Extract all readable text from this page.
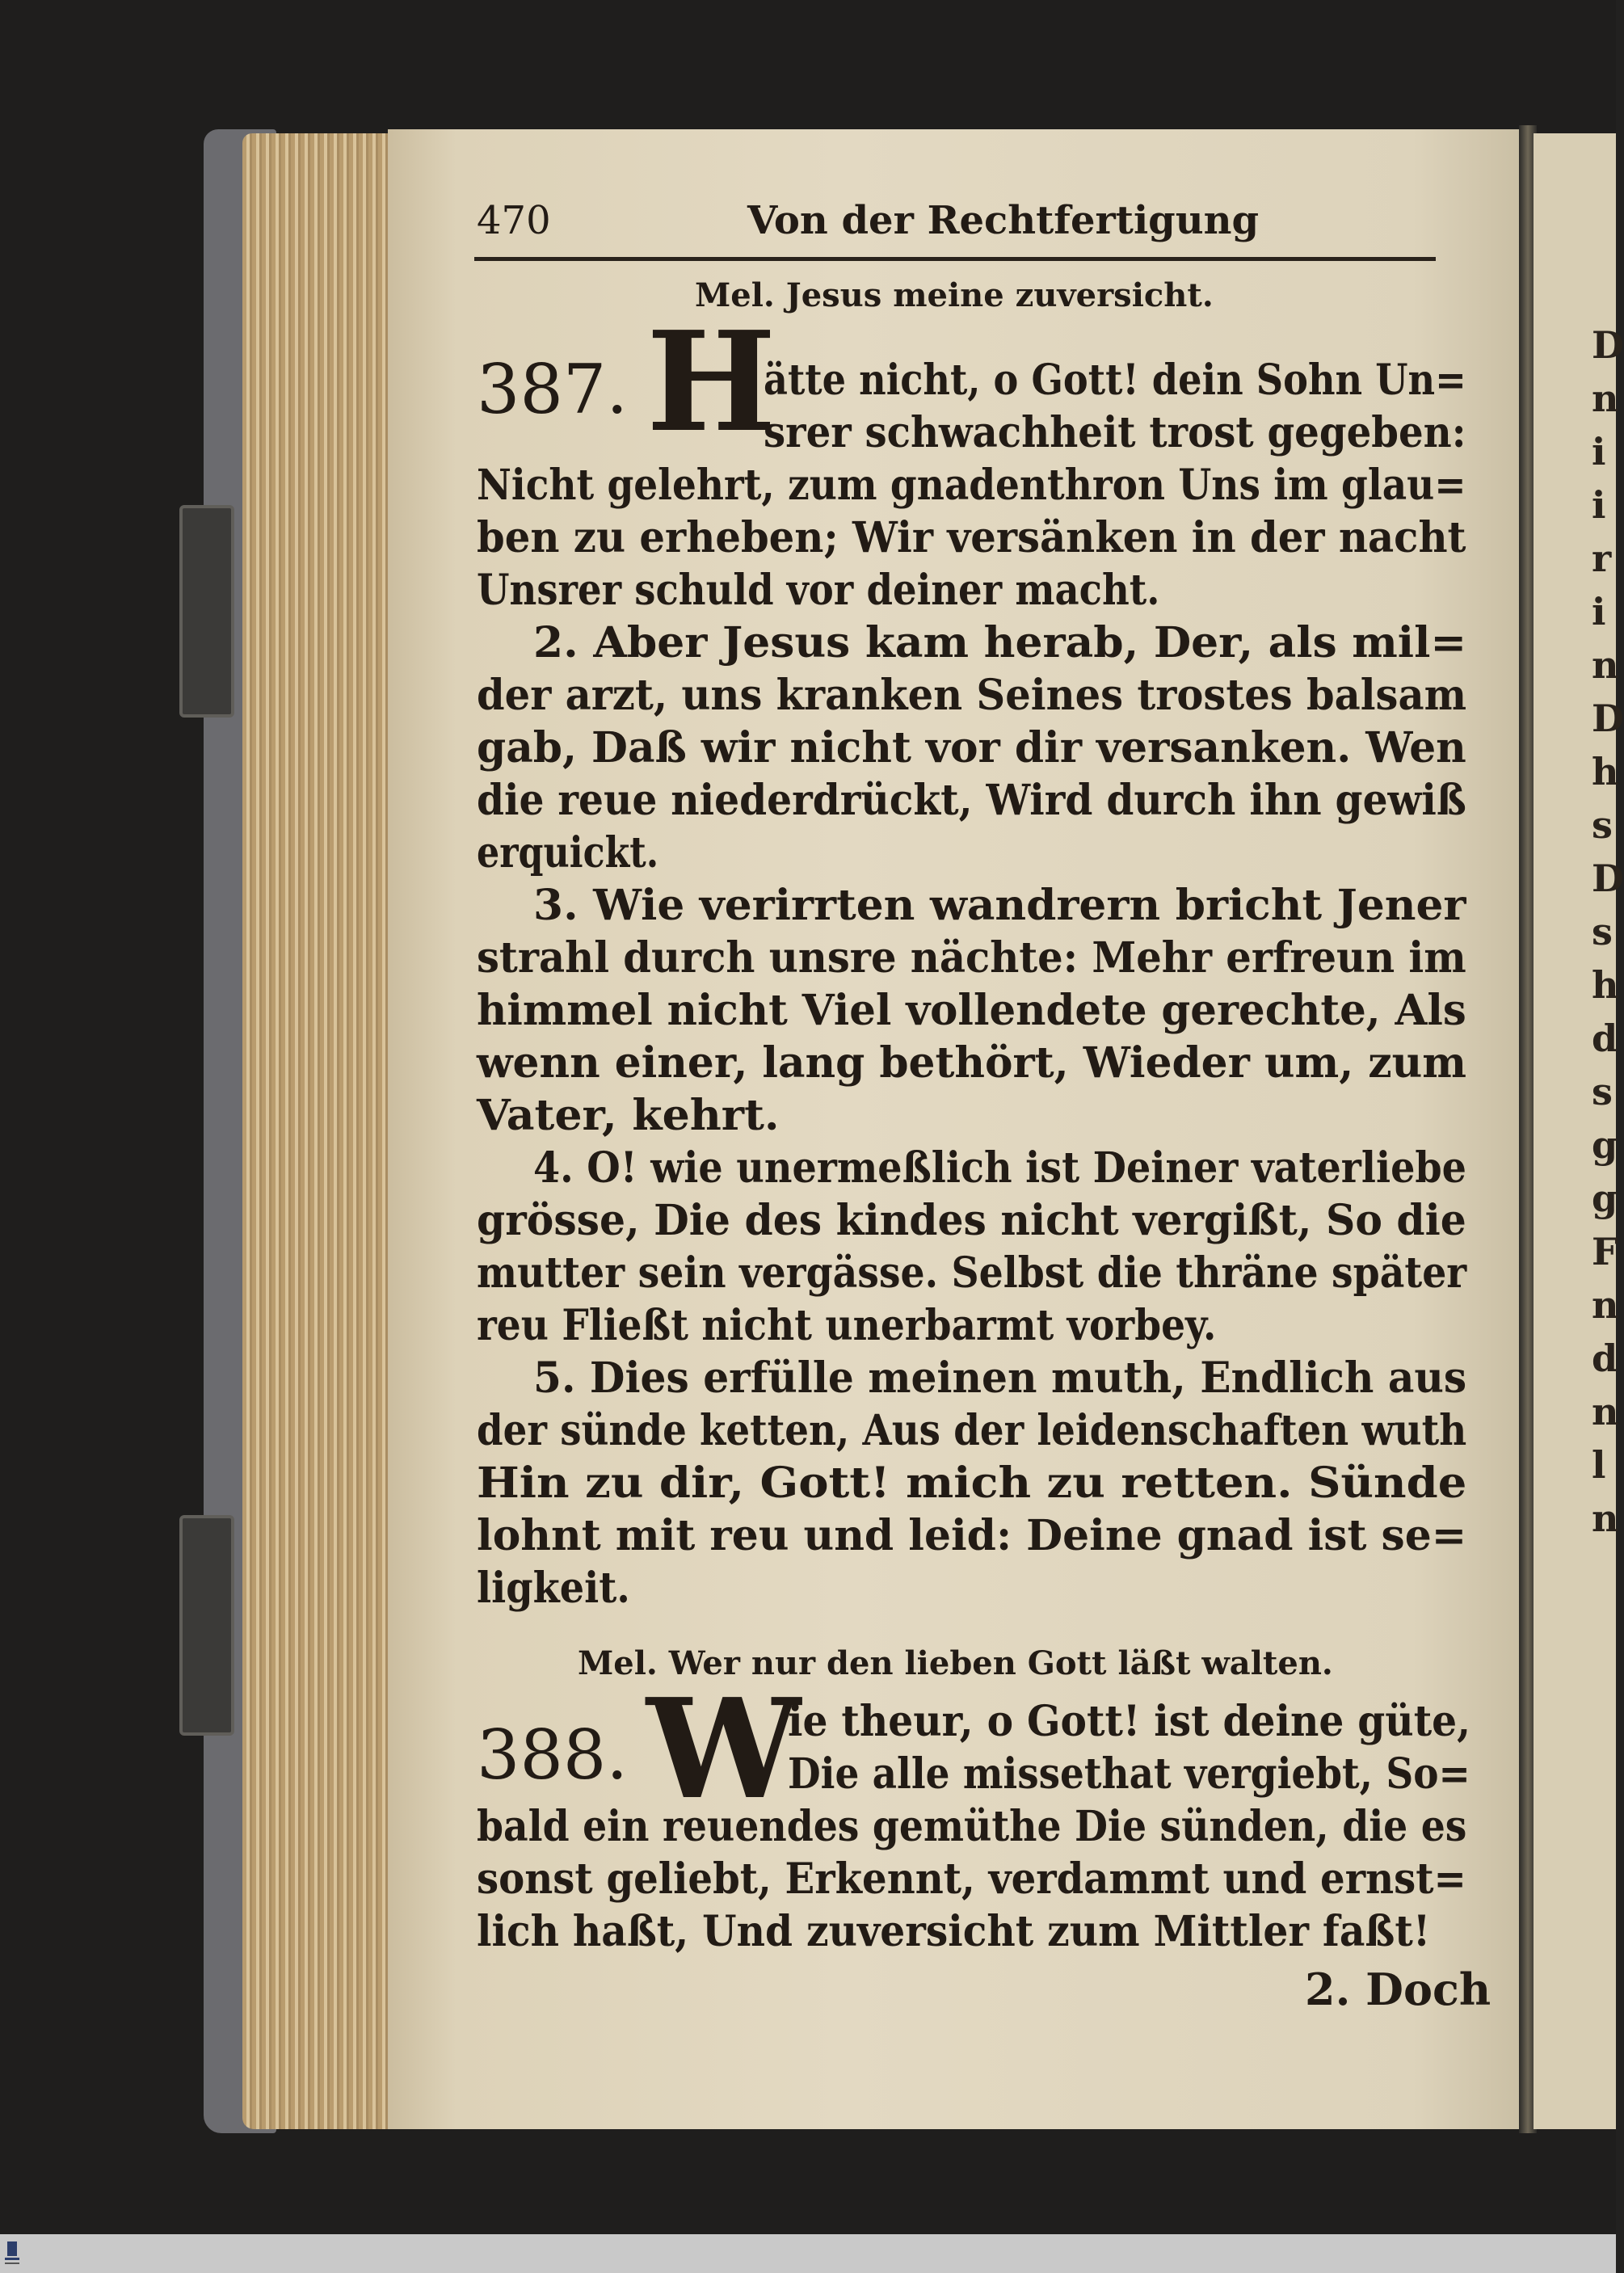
D
n
i
i
r
i
n
D
h
s
D
s
h
d
s
g
g
F
n
d
n
l
n
470	Von der Rechtfertigung
Mel. Jesus meine zuversicht.
387. H
ätte nicht, o Gott! dein Sohn Un=
srer schwachheit trost gegeben:
Nicht gelehrt, zum gnadenthron Uns im glau=
ben zu erheben; Wir versänken in der nacht
Unsrer schuld vor deiner macht.
2. Aber Jesus kam herab, Der, als mil=
der arzt, uns kranken Seines trostes balsam
gab, Daß wir nicht vor dir versanken. Wen
die reue niederdrückt, Wird durch ihn gewiß
erquickt.
3. Wie verirrten wandrern bricht Jener
strahl durch unsre nächte: Mehr erfreun im
himmel nicht Viel vollendete gerechte, Als
wenn einer, lang bethört, Wieder um, zum
Vater, kehrt.
4. O! wie unermeßlich ist Deiner vaterliebe
grösse, Die des kindes nicht vergißt, So die
mutter sein vergässe. Selbst die thräne später
reu Fließt nicht unerbarmt vorbey.
5. Dies erfülle meinen muth, Endlich aus
der sünde ketten, Aus der leidenschaften wuth
Hin zu dir, Gott! mich zu retten. Sünde
lohnt mit reu und leid: Deine gnad ist se=
ligkeit.
Mel. Wer nur den lieben Gott läßt walten.
388. W
ie theur, o Gott! ist deine güte,
Die alle missethat vergiebt, So=
bald ein reuendes gemüthe Die sünden, die es
sonst geliebt, Erkennt, verdammt und ernst=
lich haßt, Und zuversicht zum Mittler faßt!
2. Doch
